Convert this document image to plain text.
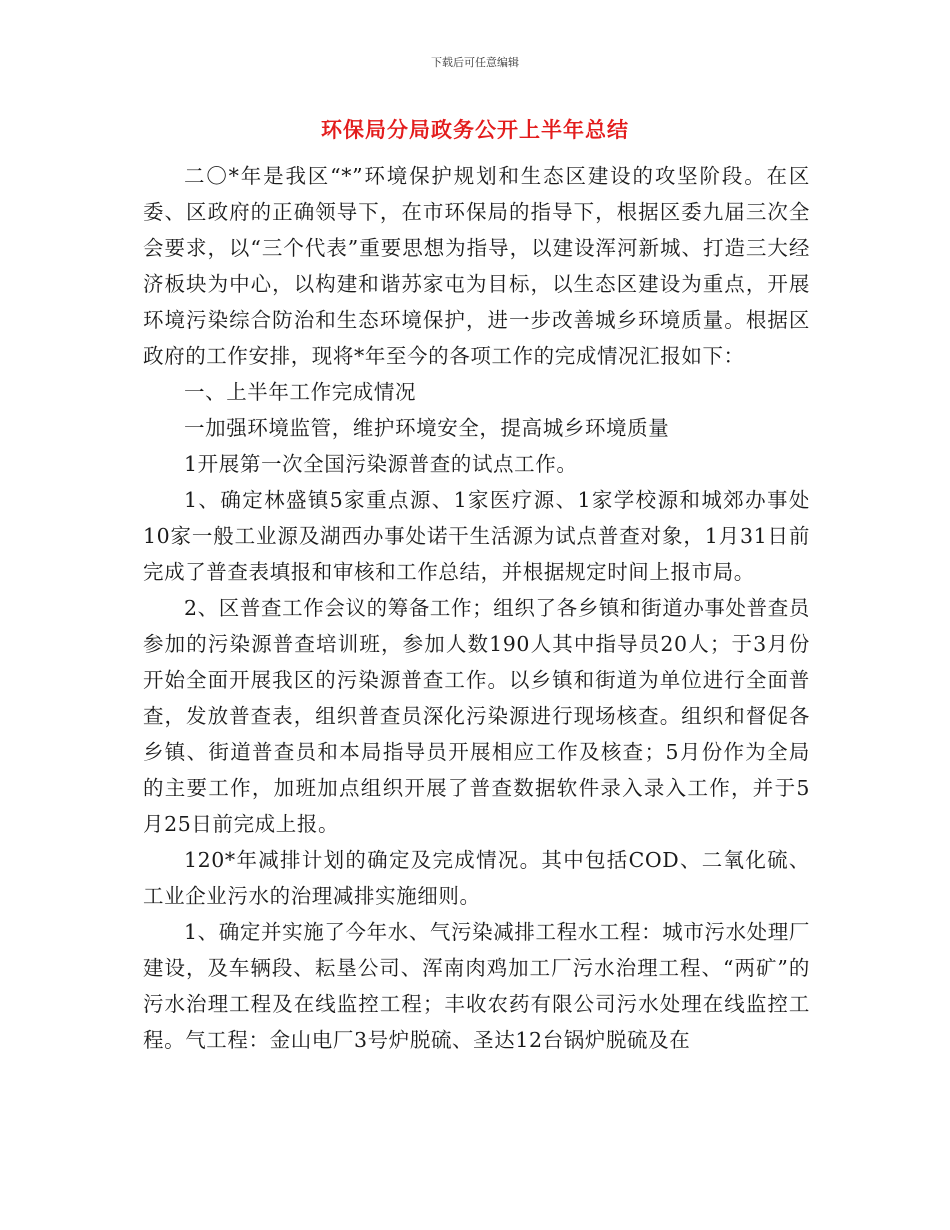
下载后可任意编辑
环保局分局政务公开上半年总结

二〇*年是我区“*”环境保护规划和生态区建设的攻坚阶段。在区委、区政府的正确领导下，在市环保局的指导下，根据区委九届三次全会要求，以“三个代表”重要思想为指导，以建设浑河新城、打造三大经济板块为中心，以构建和谐苏家屯为目标，以生态区建设为重点，开展环境污染综合防治和生态环境保护，进一步改善城乡环境质量。根据区政府的工作安排，现将*年至今的各项工作的完成情况汇报如下：

一、上半年工作完成情况

一加强环境监管，维护环境安全，提高城乡环境质量

1开展第一次全国污染源普查的试点工作。

1、确定林盛镇5家重点源、1家医疗源、1家学校源和城郊办事处10家一般工业源及湖西办事处诺干生活源为试点普查对象，1月31日前完成了普查表填报和审核和工作总结，并根据规定时间上报市局。

2、区普查工作会议的筹备工作；组织了各乡镇和街道办事处普查员参加的污染源普查培训班，参加人数190人其中指导员20人；于3月份开始全面开展我区的污染源普查工作。以乡镇和街道为单位进行全面普查，发放普查表，组织普查员深化污染源进行现场核查。组织和督促各乡镇、街道普查员和本局指导员开展相应工作及核查；5月份作为全局的主要工作，加班加点组织开展了普查数据软件录入录入工作，并于5月25日前完成上报。

120*年减排计划的确定及完成情况。其中包括COD、二氧化硫、工业企业污水的治理减排实施细则。

1、确定并实施了今年水、气污染减排工程水工程：城市污水处理厂建设，及车辆段、耘垦公司、浑南肉鸡加工厂污水治理工程、“两矿”的污水治理工程及在线监控工程；丰收农药有限公司污水处理在线监控工程。气工程：金山电厂3号炉脱硫、圣达12台锅炉脱硫及在
